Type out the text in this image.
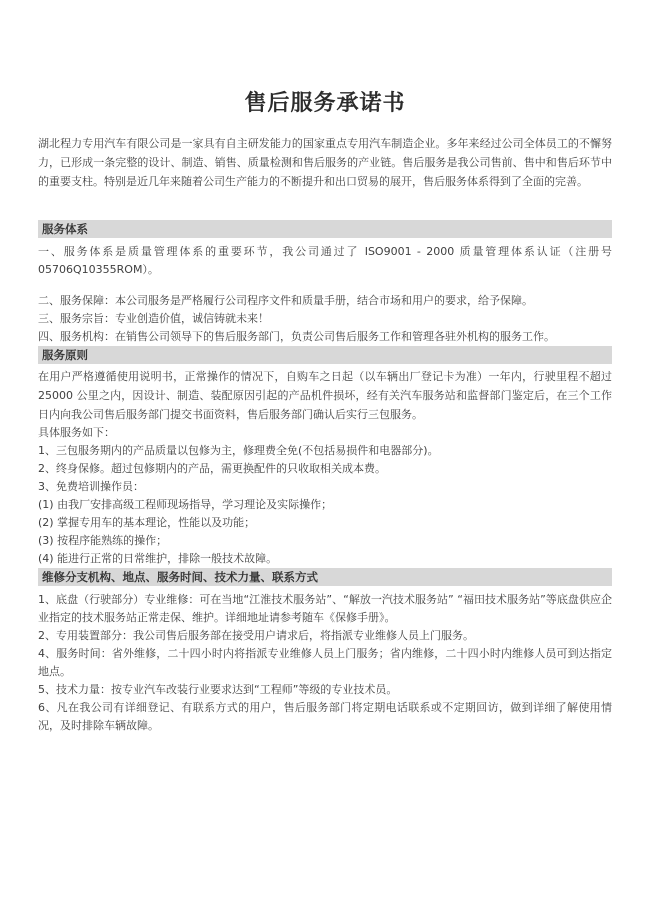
售后服务承诺书

湖北程力专用汽车有限公司是一家具有自主研发能力的国家重点专用汽车制造企业。多年来经过公司全体员工的不懈努力，已形成一条完整的设计、制造、销售、质量检测和售后服务的产业链。售后服务是我公司售前、售中和售后环节中的重要支柱。特别是近几年来随着公司生产能力的不断提升和出口贸易的展开，售后服务体系得到了全面的完善。

服务体系

一、服务体系是质量管理体系的重要环节，我公司通过了 ISO9001 - 2000 质量管理体系认证（注册号 05706Q10355ROM）。

二、服务保障：本公司服务是严格履行公司程序文件和质量手册，结合市场和用户的要求，给予保障。

三、服务宗旨：专业创造价值，诚信铸就未来！

四、服务机构：在销售公司领导下的售后服务部门，负责公司售后服务工作和管理各驻外机构的服务工作。

服务原则

在用户严格遵循使用说明书，正常操作的情况下，自购车之日起（以车辆出厂登记卡为准）一年内，行驶里程不超过 25000 公里之内，因设计、制造、装配原因引起的产品机件损坏，经有关汽车服务站和监督部门鉴定后，在三个工作日内向我公司售后服务部门提交书面资料，售后服务部门确认后实行三包服务。

具体服务如下：

1、三包服务期内的产品质量以包修为主，修理费全免(不包括易损件和电器部分)。

2、终身保修。超过包修期内的产品，需更换配件的只收取相关成本费。

3、免费培训操作员：

(1) 由我厂安排高级工程师现场指导，学习理论及实际操作；

(2) 掌握专用车的基本理论，性能以及功能；

(3) 按程序能熟练的操作；

(4) 能进行正常的日常维护，排除一般技术故障。

维修分支机构、地点、服务时间、技术力量、联系方式

1、底盘（行驶部分）专业维修：可在当地“江淮技术服务站”、“解放一汽技术服务站” “福田技术服务站”等底盘供应企业指定的技术服务站正常走保、维护。详细地址请参考随车《保修手册》。

2、专用装置部分：我公司售后服务部在接受用户请求后，将指派专业维修人员上门服务。

4、服务时间：省外维修，二十四小时内将指派专业维修人员上门服务；省内维修，二十四小时内维修人员可到达指定地点。

5、技术力量：按专业汽车改装行业要求达到“工程师”等级的专业技术员。

6、凡在我公司有详细登记、有联系方式的用户，售后服务部门将定期电话联系或不定期回访，做到详细了解使用情况，及时排除车辆故障。
